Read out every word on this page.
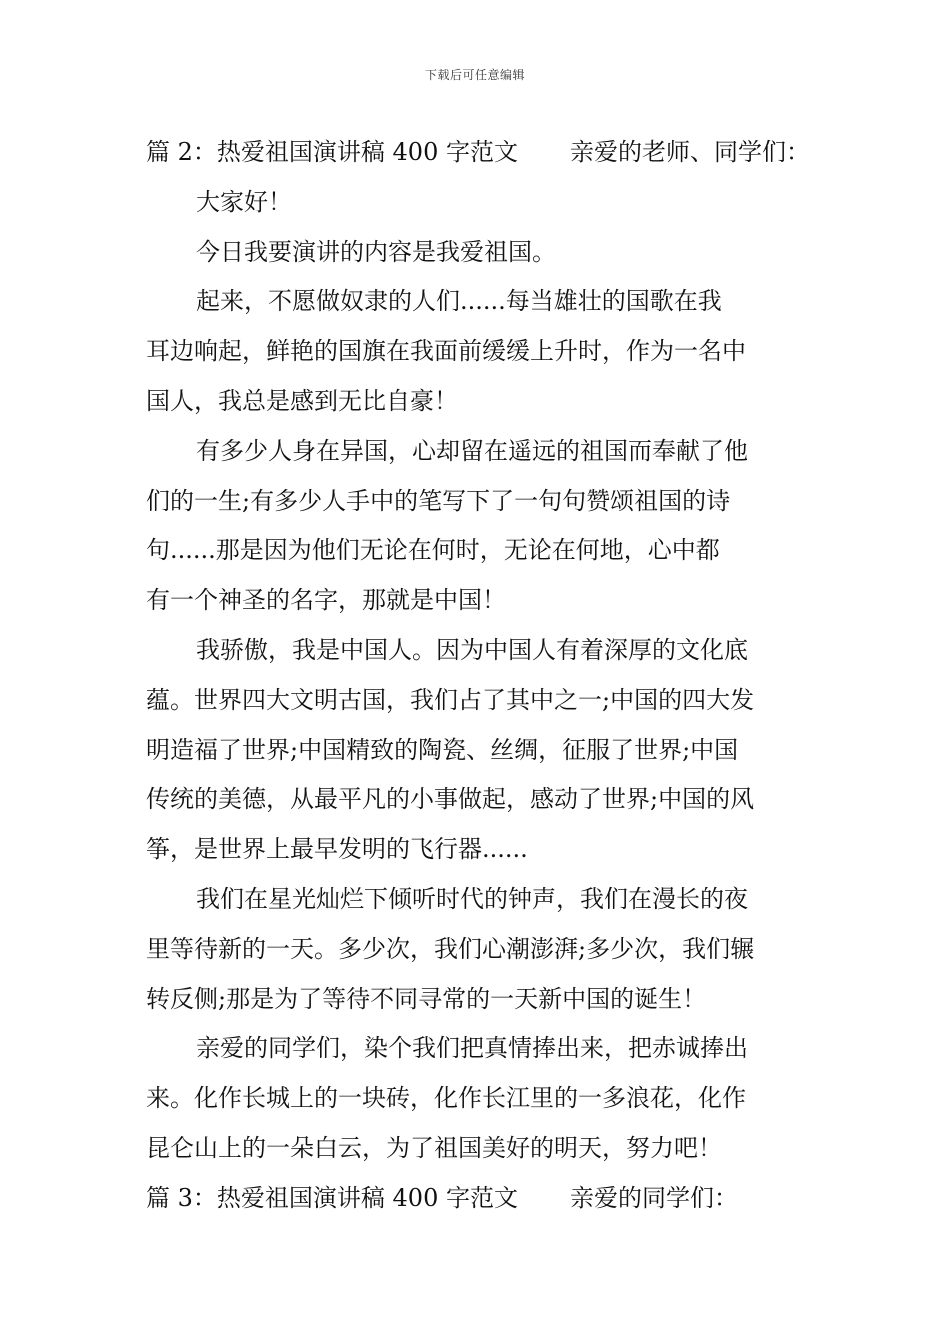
下载后可任意编辑
篇 2：热爱祖国演讲稿 400 字范文 亲爱的老师、同学们：
大家好！
今日我要演讲的内容是我爱祖国。
起来，不愿做奴隶的人们......每当雄壮的国歌在我
耳边响起，鲜艳的国旗在我面前缓缓上升时，作为一名中
国人，我总是感到无比自豪！
有多少人身在异国，心却留在遥远的祖国而奉献了他
们的一生;有多少人手中的笔写下了一句句赞颂祖国的诗
句......那是因为他们无论在何时，无论在何地，心中都
有一个神圣的名字，那就是中国！
我骄傲，我是中国人。因为中国人有着深厚的文化底
蕴。世界四大文明古国，我们占了其中之一;中国的四大发
明造福了世界;中国精致的陶瓷、丝绸，征服了世界;中国
传统的美德，从最平凡的小事做起，感动了世界;中国的风
筝，是世界上最早发明的飞行器......
我们在星光灿烂下倾听时代的钟声，我们在漫长的夜
里等待新的一天。多少次，我们心潮澎湃;多少次，我们辗
转反侧;那是为了等待不同寻常的一天新中国的诞生！
亲爱的同学们，染个我们把真情捧出来，把赤诚捧出
来。化作长城上的一块砖，化作长江里的一多浪花，化作
昆仑山上的一朵白云，为了祖国美好的明天，努力吧！
篇 3：热爱祖国演讲稿 400 字范文 亲爱的同学们：
